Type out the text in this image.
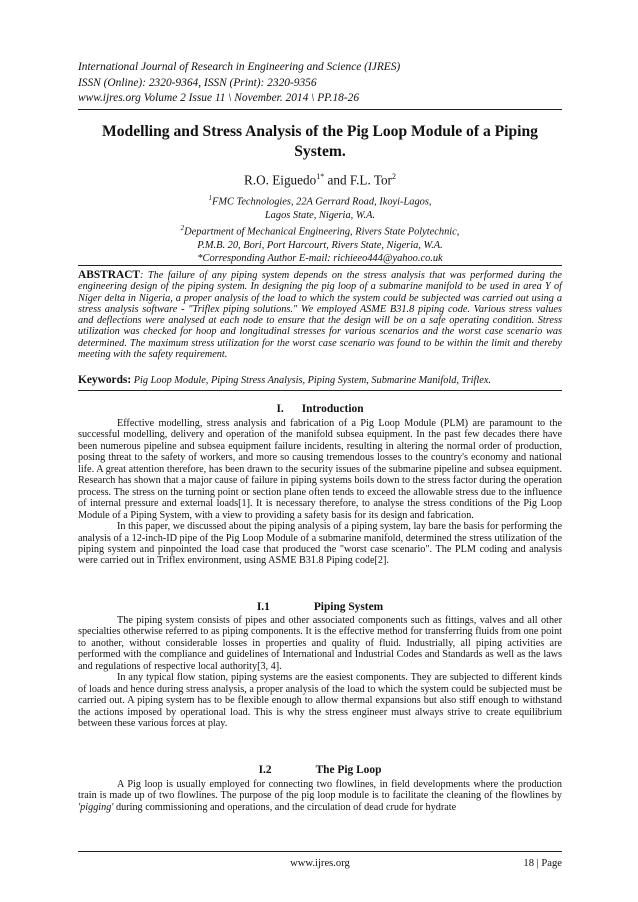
International Journal of Research in Engineering and Science (IJRES)
ISSN (Online): 2320-9364, ISSN (Print): 2320-9356
www.ijres.org Volume 2 Issue 11 \ November. 2014 \ PP.18-26
Modelling and Stress Analysis of the Pig Loop Module of a Piping
System.
R.O. Eiguedo$^{1*}$ and F.L. Tor$^2$
$^1$FMC Technologies, 22A Gerrard Road, Ikoyi-Lagos,
Lagos State, Nigeria, W.A.
$^2$Department of Mechanical Engineering, Rivers State Polytechnic,
P.M.B. 20, Bori, Port Harcourt, Rivers State, Nigeria, W.A.
*Corresponding Author E-mail: richieeo444@yahoo.co.uk
ABSTRACT: The failure of any piping system depends on the stress analysis that was performed during the engineering design of the piping system. In designing the pig loop of a submarine manifold to be used in area Y of Niger delta in Nigeria, a proper analysis of the load to which the system could be subjected was carried out using a stress analysis software - "Triflex piping solutions." We employed ASME B31.8 piping code. Various stress values and deflections were analysed at each node to ensure that the design will be on a safe operating condition. Stress utilization was checked for hoop and longitudinal stresses for various scenarios and the worst case scenario was determined. The maximum stress utilization for the worst case scenario was found to be within the limit and thereby meeting with the safety requirement.
Keywords: Pig Loop Module, Piping Stress Analysis, Piping System, Submarine Manifold, Triflex.
I. Introduction

Effective modelling, stress analysis and fabrication of a Pig Loop Module (PLM) are paramount to the successful modelling, delivery and operation of the manifold subsea equipment. In the past few decades there have been numerous pipeline and subsea equipment failure incidents, resulting in altering the normal order of production, posing threat to the safety of workers, and more so causing tremendous losses to the country's economy and national life. A great attention therefore, has been drawn to the security issues of the submarine pipeline and subsea equipment. Research has shown that a major cause of failure in piping systems boils down to the stress factor during the operation process. The stress on the turning point or section plane often tends to exceed the allowable stress due to the influence of internal pressure and external loads[1]. It is necessary therefore, to analyse the stress conditions of the Pig Loop Module of a Piping System, with a view to providing a safety basis for its design and fabrication.

In this paper, we discussed about the piping analysis of a piping system, lay bare the basis for performing the analysis of a 12-inch-ID pipe of the Pig Loop Module of a submarine manifold, determined the stress utilization of the piping system and pinpointed the load case that produced the "worst case scenario". The PLM coding and analysis were carried out in Triflex environment, using ASME B31.8 Piping code[2].

I.1	Piping System

The piping system consists of pipes and other associated components such as fittings, valves and all other specialties otherwise referred to as piping components. It is the effective method for transferring fluids from one point to another, without considerable losses in properties and quality of fluid. Industrially, all piping activities are performed with the compliance and guidelines of International and Industrial Codes and Standards as well as the laws and regulations of respective local authority[3, 4].

In any typical flow station, piping systems are the easiest components. They are subjected to different kinds of loads and hence during stress analysis, a proper analysis of the load to which the system could be subjected must be carried out. A piping system has to be flexible enough to allow thermal expansions but also stiff enough to withstand the actions imposed by operational load. This is why the stress engineer must always strive to create equilibrium between these various forces at play.

I.2	The Pig Loop

A Pig loop is usually employed for connecting two flowlines, in field developments where the production train is made up of two flowlines. The purpose of the pig loop module is to facilitate the cleaning of the flowlines by 'pigging' during commissioning and operations, and the circulation of dead crude for hydrate

www.ijres.org	18 | Page
